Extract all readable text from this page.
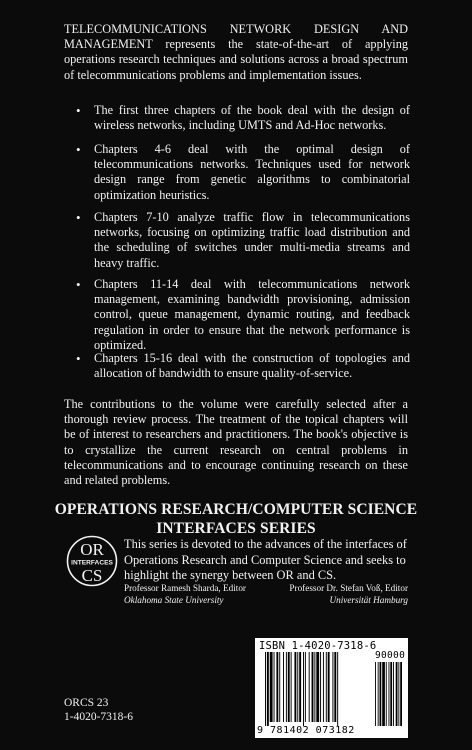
TELECOMMUNICATIONS NETWORK DESIGN AND MANAGEMENT represents the state-of-the-art of applying operations research techniques and solutions across a broad spectrum of telecommunications problems and implementation issues.

• The first three chapters of the book deal with the design of wireless networks, including UMTS and Ad-Hoc networks.
• Chapters 4-6 deal with the optimal design of telecommunications networks. Techniques used for network design range from genetic algorithms to combinatorial optimization heuristics.
• Chapters 7-10 analyze traffic flow in telecommunications networks, focusing on optimizing traffic load distribution and the scheduling of switches under multi-media streams and heavy traffic.
• Chapters 11-14 deal with telecommunications network management, examining bandwidth provisioning, admission control, queue management, dynamic routing, and feedback regulation in order to ensure that the network performance is optimized.
• Chapters 15-16 deal with the construction of topologies and allocation of bandwidth to ensure quality-of-service.

The contributions to the volume were carefully selected after a thorough review process. The treatment of the topical chapters will be of interest to researchers and practitioners. The book's objective is to crystallize the current research on central problems in telecommunications and to encourage continuing research on these and related problems.

OPERATIONS RESEARCH/COMPUTER SCIENCE
INTERFACES SERIES
OR
INTERFACES
CS

This series is devoted to the advances of the interfaces of Operations Research and Computer Science and seeks to highlight the synergy between OR and CS.

Professor Ramesh Sharda, Editor
Oklahoma State University
Professor Dr. Stefan Voß, Editor
Universität Hamburg
ISBN 1-4020-7318-6
9 781402 073182
90000
ORCS 23
1-4020-7318-6
